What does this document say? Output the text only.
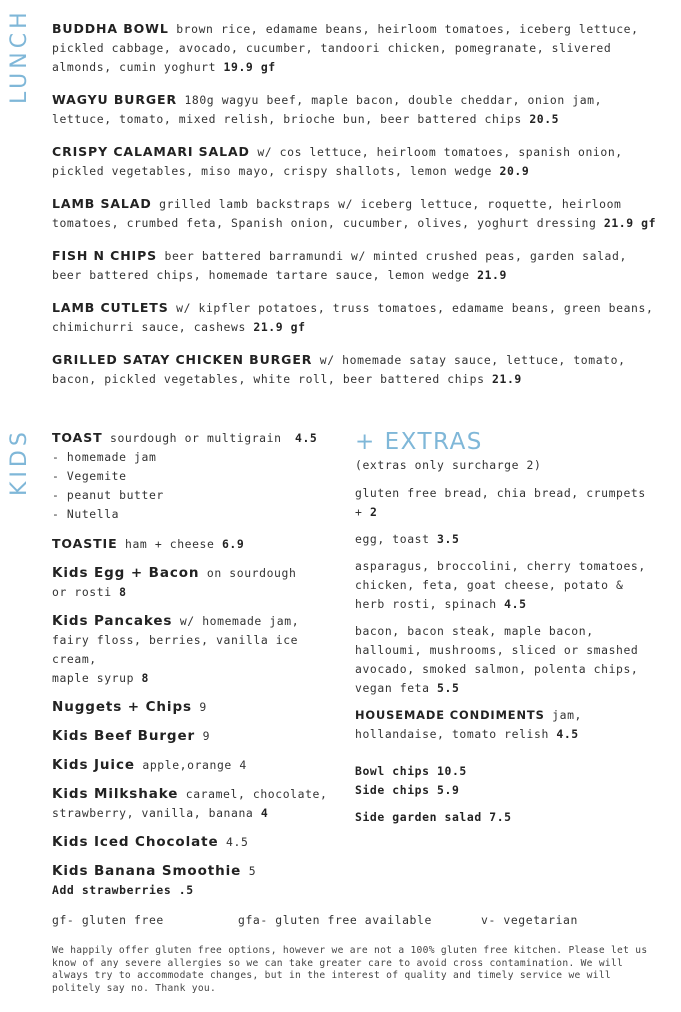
LUNCH
KIDS
BUDDHA BOWL brown rice, edamame beans, heirloom tomatoes, iceberg lettuce, pickled cabbage, avocado, cucumber, tandoori chicken, pomegranate, slivered almonds, cumin yoghurt 19.9 gf
WAGYU BURGER 180g wagyu beef, maple bacon, double cheddar, onion jam, lettuce, tomato, mixed relish, brioche bun, beer battered chips 20.5
CRISPY CALAMARI SALAD w/ cos lettuce, heirloom tomatoes, spanish onion, pickled vegetables, miso mayo, crispy shallots, lemon wedge 20.9
LAMB SALAD grilled lamb backstraps w/ iceberg lettuce, roquette, heirloom tomatoes, crumbed feta, Spanish onion, cucumber, olives, yoghurt dressing 21.9 gf
FISH N CHIPS beer battered barramundi w/ minted crushed peas, garden salad, beer battered chips, homemade tartare sauce, lemon wedge 21.9
LAMB CUTLETS w/ kipfler potatoes, truss tomatoes, edamame beans, green beans, chimichurri sauce, cashews 21.9 gf
GRILLED SATAY CHICKEN BURGER w/ homemade satay sauce, lettuce, tomato, bacon, pickled vegetables, white roll, beer battered chips 21.9
TOAST sourdough or multigrain 4.5
- homemade jam
- Vegemite
- peanut butter
- Nutella
TOASTIE ham + cheese 6.9
Kids Egg + Bacon on sourdough
or rosti 8
Kids Pancakes w/ homemade jam,
fairy floss, berries, vanilla ice cream,
maple syrup 8
Nuggets + Chips 9
Kids Beef Burger 9
Kids Juice apple,orange 4
Kids Milkshake caramel, chocolate,
strawberry, vanilla, banana 4
Kids Iced Chocolate 4.5
Kids Banana Smoothie 5
Add strawberries .5
+ EXTRAS
(extras only surcharge 2)
gluten free bread, chia bread, crumpets + 2
egg, toast 3.5
asparagus, broccolini, cherry tomatoes, chicken, feta, goat cheese, potato & herb rosti, spinach 4.5
bacon, bacon steak, maple bacon, halloumi, mushrooms, sliced or smashed avocado, smoked salmon, polenta chips, vegan feta 5.5
HOUSEMADE CONDIMENTS jam, hollandaise, tomato relish 4.5
Bowl chips 10.5
Side chips 5.9
Side garden salad 7.5
gf- gluten free	gfa- gluten free available	v- vegetarian
We happily offer gluten free options, however we are not a 100% gluten free kitchen. Please let us know of any severe allergies so we can take greater care to avoid cross contamination. We will always try to accommodate changes, but in the interest of quality and timely service we will politely say no. Thank you.
